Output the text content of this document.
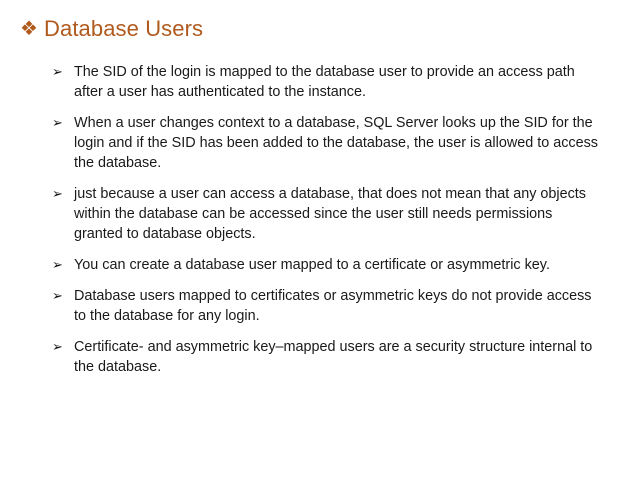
❖ Database Users
➢ The SID of the login is mapped to the database user to provide an access path after a user has authenticated to the instance.
➢ When a user changes context to a database, SQL Server looks up the SID for the login and if the SID has been added to the database, the user is allowed to access the database.
➢ just because a user can access a database, that does not mean that any objects within the database can be accessed since the user still needs permissions granted to database objects.
➢ You can create a database user mapped to a certificate or asymmetric key.
➢ Database users mapped to certificates or asymmetric keys do not provide access to the database for any login.
➢ Certificate- and asymmetric key–mapped users are a security structure internal to the database.
